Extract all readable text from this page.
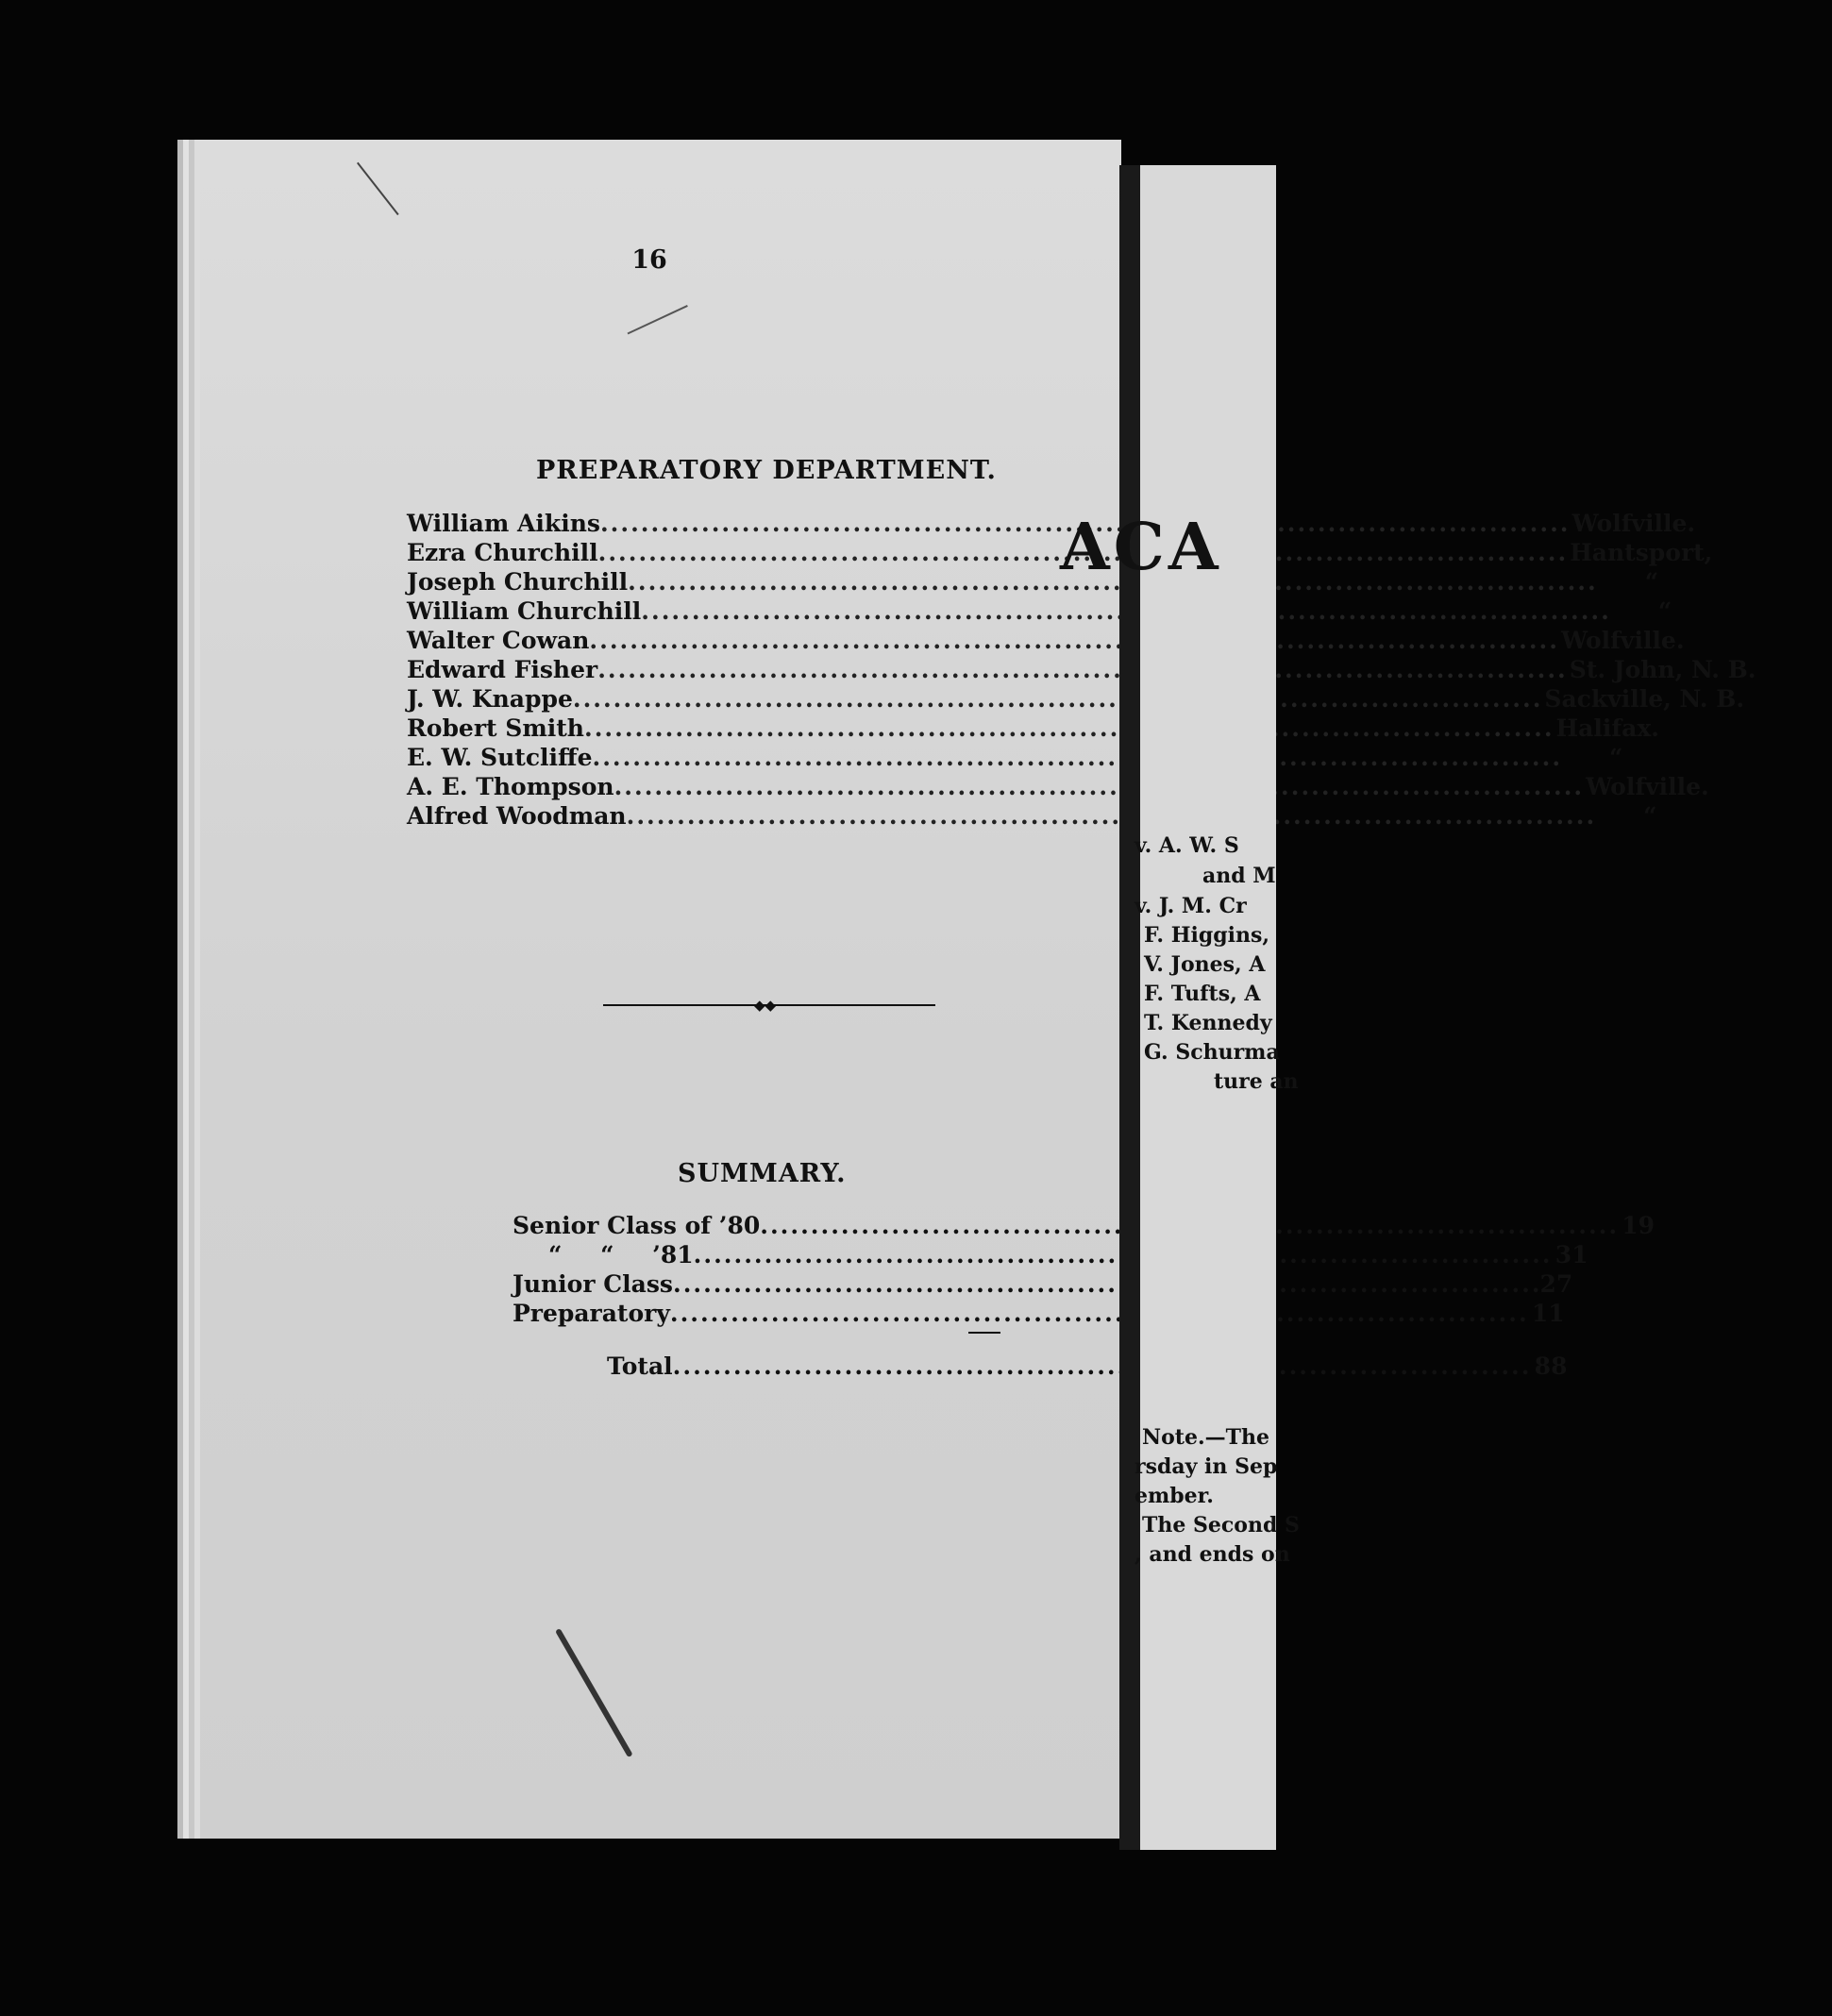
16
PREPARATORY DEPARTMENT.
William Aikins .....	Wolfville.
Ezra Churchill .....	Hantsport,
Joseph Churchill .....	“
William Churchill .....	“
Walter Cowan .....	Wolfville.
Edward Fisher .....	St. John, N. B.
J. W. Knappe .....	Sackville, N. B.
Robert Smith .....	Halifax.
E. W. Sutcliffe .....	“
A. E. Thompson .....	Wolfville.
Alfred Woodman .....	“
◆◆
SUMMARY.
Senior Class of ’80 .....	19
“ “ ’81 .....	31
Junior Class .....	.27
Preparatory .....	11
Total .....	88
ACA
v. A. W. S
and M
v. J. M. Cr
F. Higgins,
V. Jones, A
F. Tufts, A
T. Kennedy
G. Schurma
ture an
Note.—The
rsday in Sep
ember.
The Second S
, and ends on
